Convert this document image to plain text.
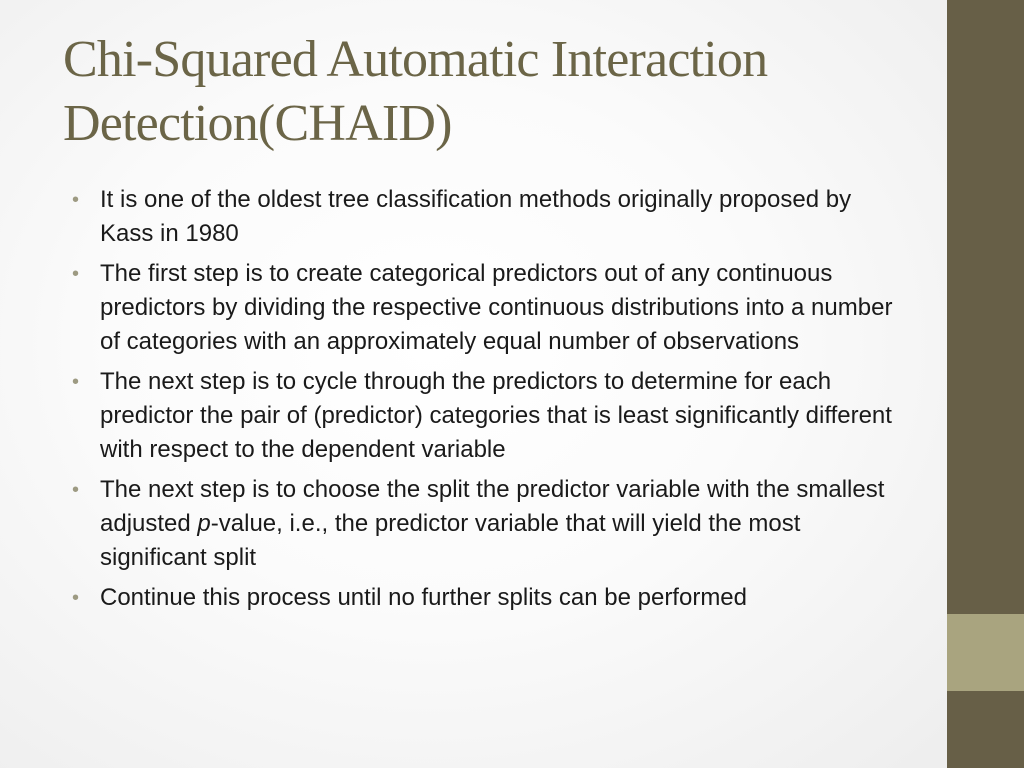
Chi-Squared Automatic Interaction Detection(CHAID)
• It is one of the oldest tree classification methods originally proposed by Kass in 1980
• The first step is to create categorical predictors out of any continuous predictors by dividing the respective continuous distributions into a number of categories with an approximately equal number of observations
• The next step is to cycle through the predictors to determine for each predictor the pair of (predictor) categories that is least significantly different with respect to the dependent variable
• The next step is to choose the split the predictor variable with the smallest adjusted p-value, i.e., the predictor variable that will yield the most significant split
• Continue this process until no further splits can be performed
